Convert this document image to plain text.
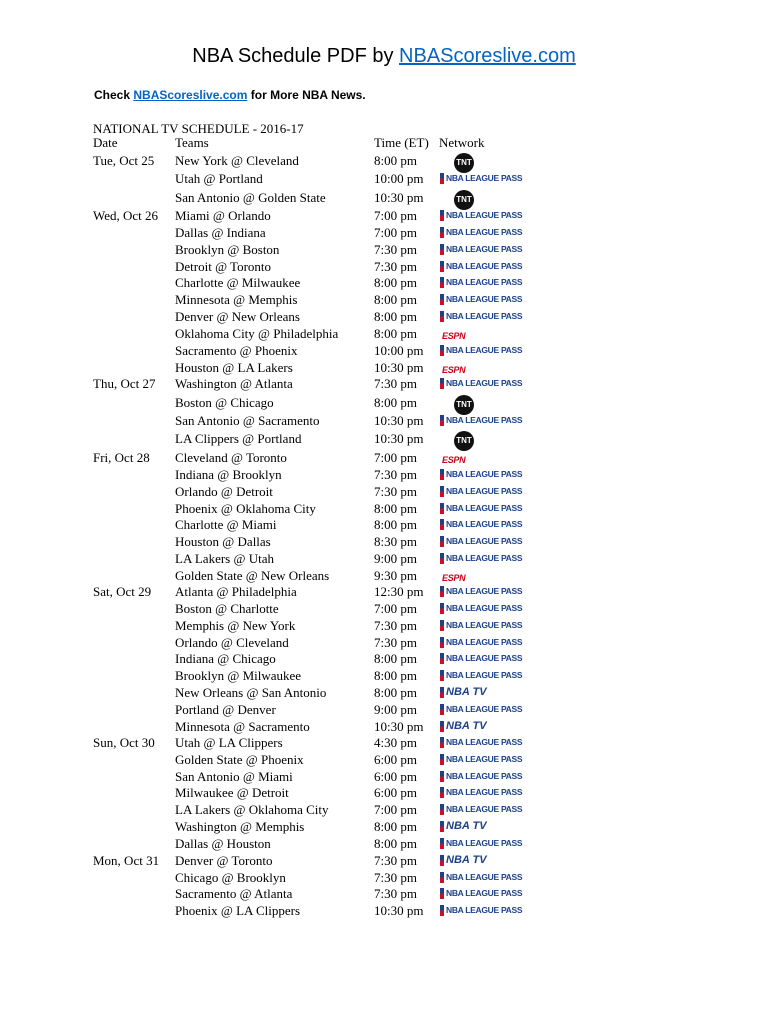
NBA Schedule PDF by NBAScoreslive.com
Check NBAScoreslive.com for More NBA News.
NATIONAL TV SCHEDULE - 2016-17
Date	Teams	Time (ET) Network
Tue, Oct 25	New York @ Cleveland	8:00 pm	TNT
Utah @ Portland	10:00 pm	NBA LEAGUE PASS
San Antonio @ Golden State	10:30 pm	TNT
Wed, Oct 26	Miami @ Orlando	7:00 pm	NBA LEAGUE PASS
Dallas @ Indiana	7:00 pm	NBA LEAGUE PASS
Brooklyn @ Boston	7:30 pm	NBA LEAGUE PASS
Detroit @ Toronto	7:30 pm	NBA LEAGUE PASS
Charlotte @ Milwaukee	8:00 pm	NBA LEAGUE PASS
Minnesota @ Memphis	8:00 pm	NBA LEAGUE PASS
Denver @ New Orleans	8:00 pm	NBA LEAGUE PASS
Oklahoma City @ Philadelphia	8:00 pm	ESPN
Sacramento @ Phoenix	10:00 pm	NBA LEAGUE PASS
Houston @ LA Lakers	10:30 pm	ESPN
Thu, Oct 27	Washington @ Atlanta	7:30 pm	NBA LEAGUE PASS
Boston @ Chicago	8:00 pm	TNT
San Antonio @ Sacramento	10:30 pm	NBA LEAGUE PASS
LA Clippers @ Portland	10:30 pm	TNT
Fri, Oct 28	Cleveland @ Toronto	7:00 pm	ESPN
Indiana @ Brooklyn	7:30 pm	NBA LEAGUE PASS
Orlando @ Detroit	7:30 pm	NBA LEAGUE PASS
Phoenix @ Oklahoma City	8:00 pm	NBA LEAGUE PASS
Charlotte @ Miami	8:00 pm	NBA LEAGUE PASS
Houston @ Dallas	8:30 pm	NBA LEAGUE PASS
LA Lakers @ Utah	9:00 pm	NBA LEAGUE PASS
Golden State @ New Orleans	9:30 pm	ESPN
Sat, Oct 29	Atlanta @ Philadelphia	12:30 pm	NBA LEAGUE PASS
Boston @ Charlotte	7:00 pm	NBA LEAGUE PASS
Memphis @ New York	7:30 pm	NBA LEAGUE PASS
Orlando @ Cleveland	7:30 pm	NBA LEAGUE PASS
Indiana @ Chicago	8:00 pm	NBA LEAGUE PASS
Brooklyn @ Milwaukee	8:00 pm	NBA LEAGUE PASS
New Orleans @ San Antonio	8:00 pm	NBA TV
Portland @ Denver	9:00 pm	NBA LEAGUE PASS
Minnesota @ Sacramento	10:30 pm	NBA TV
Sun, Oct 30	Utah @ LA Clippers	4:30 pm	NBA LEAGUE PASS
Golden State @ Phoenix	6:00 pm	NBA LEAGUE PASS
San Antonio @ Miami	6:00 pm	NBA LEAGUE PASS
Milwaukee @ Detroit	6:00 pm	NBA LEAGUE PASS
LA Lakers @ Oklahoma City	7:00 pm	NBA LEAGUE PASS
Washington @ Memphis	8:00 pm	NBA TV
Dallas @ Houston	8:00 pm	NBA LEAGUE PASS
Mon, Oct 31	Denver @ Toronto	7:30 pm	NBA TV
Chicago @ Brooklyn	7:30 pm	NBA LEAGUE PASS
Sacramento @ Atlanta	7:30 pm	NBA LEAGUE PASS
Phoenix @ LA Clippers	10:30 pm	NBA LEAGUE PASS
